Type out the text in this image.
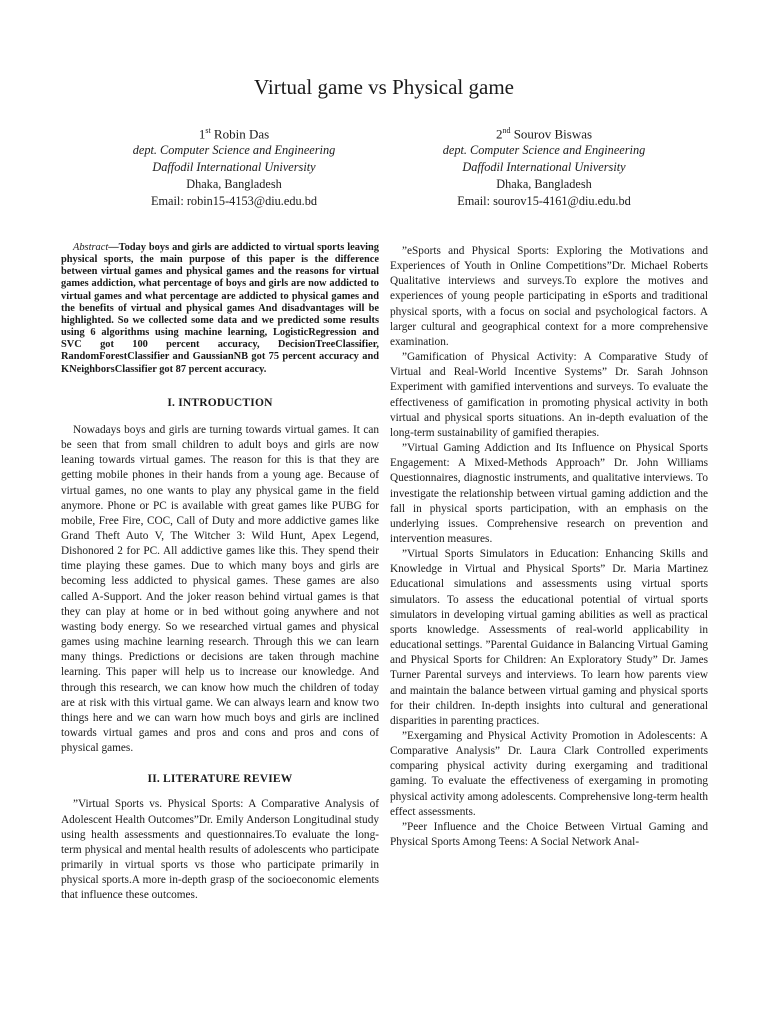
Virtual game vs Physical game
1st Robin Das
dept. Computer Science and Engineering
Daffodil International University
Dhaka, Bangladesh
Email: robin15-4153@diu.edu.bd
2nd Sourov Biswas
dept. Computer Science and Engineering
Daffodil International University
Dhaka, Bangladesh
Email: sourov15-4161@diu.edu.bd

Abstract—Today boys and girls are addicted to virtual sports leaving physical sports, the main purpose of this paper is the difference between virtual games and physical games and the reasons for virtual games addiction, what percentage of boys and girls are now addicted to virtual games and what percentage are addicted to physical games and the benefits of virtual and physical games And disadvantages will be highlighted. So we collected some data and we predicted some results using 6 algorithms using machine learning, LogisticRegression and SVC got 100 percent accuracy, DecisionTreeClassifier, RandomForestClassifier and GaussianNB got 75 percent accuracy and KNeighborsClassifier got 87 percent accuracy.

I. INTRODUCTION

Nowadays boys and girls are turning towards virtual games. It can be seen that from small children to adult boys and girls are now leaning towards virtual games. The reason for this is that they are getting mobile phones in their hands from a young age. Because of virtual games, no one wants to play any physical game in the field anymore. Phone or PC is available with great games like PUBG for mobile, Free Fire, COC, Call of Duty and more addictive games like Grand Theft Auto V, The Witcher 3: Wild Hunt, Apex Legend, Dishonored 2 for PC. All addictive games like this. They spend their time playing these games. Due to which many boys and girls are becoming less addicted to physical games. These games are also called A-Support. And the joker reason behind virtual games is that they can play at home or in bed without going anywhere and not wasting body energy. So we researched virtual games and physical games using machine learning research. Through this we can learn many things. Predictions or decisions are taken through machine learning. This paper will help us to increase our knowledge. And through this research, we can know how much the children of today are at risk with this virtual game. We can always learn and know two things here and we can warn how much boys and girls are inclined towards virtual games and pros and cons and pros and cons of physical games.

II. LITERATURE REVIEW

”Virtual Sports vs. Physical Sports: A Comparative Analysis of Adolescent Health Outcomes”Dr. Emily Anderson Longitudinal study using health assessments and questionnaires.To evaluate the long-term physical and mental health results of adolescents who participate primarily in virtual sports vs those who participate primarily in physical sports.A more in-depth grasp of the socioeconomic elements that influence these outcomes.

”eSports and Physical Sports: Exploring the Motivations and Experiences of Youth in Online Competitions”Dr. Michael Roberts Qualitative interviews and surveys.To explore the motives and experiences of young people participating in eSports and traditional physical sports, with a focus on social and psychological factors. A larger cultural and geographical context for a more comprehensive examination.

”Gamification of Physical Activity: A Comparative Study of Virtual and Real-World Incentive Systems” Dr. Sarah Johnson Experiment with gamified interventions and surveys. To evaluate the effectiveness of gamification in promoting physical activity in both virtual and physical sports situations. An in-depth evaluation of the long-term sustainability of gamified therapies.

”Virtual Gaming Addiction and Its Influence on Physical Sports Engagement: A Mixed-Methods Approach” Dr. John Williams Questionnaires, diagnostic instruments, and qualitative interviews. To investigate the relationship between virtual gaming addiction and the fall in physical sports participation, with an emphasis on the underlying issues. Comprehensive research on prevention and intervention measures.

”Virtual Sports Simulators in Education: Enhancing Skills and Knowledge in Virtual and Physical Sports” Dr. Maria Martinez Educational simulations and assessments using virtual sports simulators. To assess the educational potential of virtual sports simulators in developing virtual gaming abilities as well as practical sports knowledge. Assessments of real-world applicability in educational settings. ”Parental Guidance in Balancing Virtual Gaming and Physical Sports for Children: An Exploratory Study” Dr. James Turner Parental surveys and interviews. To learn how parents view and maintain the balance between virtual gaming and physical sports for their children. In-depth insights into cultural and generational disparities in parenting practices.

”Exergaming and Physical Activity Promotion in Adolescents: A Comparative Analysis” Dr. Laura Clark Controlled experiments comparing physical activity during exergaming and traditional gaming. To evaluate the effectiveness of exergaming in promoting physical activity among adolescents. Comprehensive long-term health effect assessments.

”Peer Influence and the Choice Between Virtual Gaming and Physical Sports Among Teens: A Social Network Anal-
